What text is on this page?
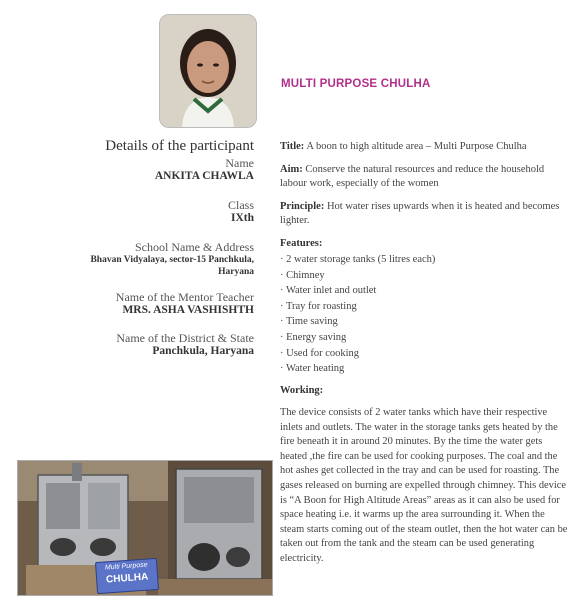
MULTI PURPOSE CHULHA
Details of the participant
Name
ANKITA CHAWLA
Class
IXth
School Name & Address
Bhavan Vidyalaya, sector-15 Panchkula,
Haryana
Name of the Mentor Teacher
MRS. ASHA VASHISHTH
Name of the District & State
Panchkula, Haryana
Title: A boon to high altitude area – Multi Purpose Chulha
Aim: Conserve the natural resources and reduce the household labour work, especially of the women
Principle: Hot water rises upwards when it is heated and becomes lighter.
Features:
· 2 water storage tanks (5 litres each)
· Chimney
· Water inlet and outlet
· Tray for roasting
· Time saving
· Energy saving
· Used for cooking
· Water heating
Working:
The device consists of 2 water tanks which have their respective inlets and outlets. The water in the storage tanks gets heated by the fire beneath it in around 20 minutes. By the time the water gets heated ,the fire can be used for cooking purposes. The coal and the hot ashes get collected in the tray and can be used for roasting. The gases released on burning are expelled through chimney. This device is “A Boon for High Altitude Areas” areas as it can also be used for space heating i.e. it warms up the area surrounding it. When the steam starts coming out of the steam outlet, then the hot water can be taken out from the tank and the steam can be used generating electricity.
Multi Purpose
CHULHA
